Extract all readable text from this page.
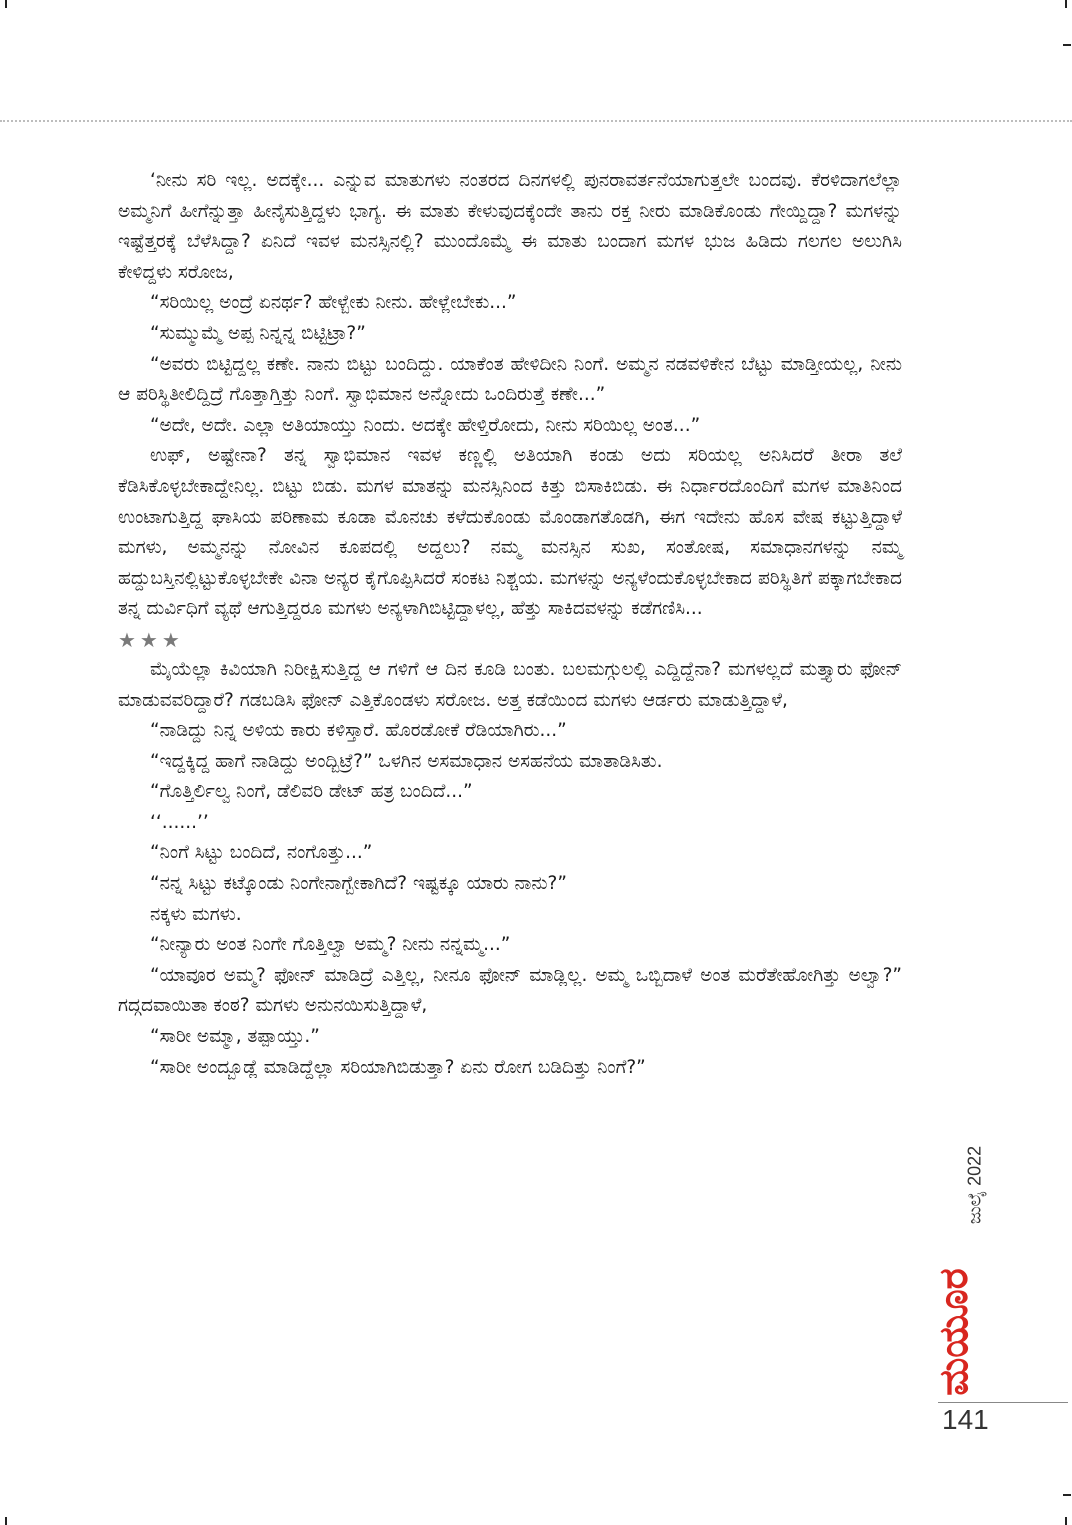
‘ನೀನು ಸರಿ ಇಲ್ಲ. ಅದಕ್ಕೇ... ಎನ್ನುವ ಮಾತುಗಳು ನಂತರದ ದಿನಗಳಲ್ಲಿ ಪುನರಾವರ್ತನೆಯಾಗುತ್ತಲೇ ಬಂದವು. ಕೆರಳಿದಾಗಲೆಲ್ಲಾ ಅಮ್ಮನಿಗೆ ಹೀಗೆನ್ನುತ್ತಾ ಹೀನೈಸುತ್ತಿದ್ದಳು ಭಾಗ್ಯ. ಈ ಮಾತು ಕೇಳುವುದಕ್ಕೆಂದೇ ತಾನು ರಕ್ತ ನೀರು ಮಾಡಿಕೊಂಡು ಗೇಯ್ದಿದ್ದಾ? ಮಗಳನ್ನು ಇಷ್ಟೆತ್ತರಕ್ಕೆ ಬೆಳೆಸಿದ್ದಾ? ಏನಿದೆ ಇವಳ ಮನಸ್ಸಿನಲ್ಲಿ? ಮುಂದೊಮ್ಮೆ ಈ ಮಾತು ಬಂದಾಗ ಮಗಳ ಭುಜ ಹಿಡಿದು ಗಲಗಲ ಅಲುಗಿಸಿ ಕೇಳಿದ್ದಳು ಸರೋಜ,

“ಸರಿಯಿಲ್ಲ ಅಂದ್ರೆ ಏನರ್ಥ? ಹೇಳ್ಬೇಕು ನೀನು. ಹೇಳ್ಲೇಬೇಕು...”

“ಸುಮ್ಮುಮ್ಮೆ ಅಪ್ಪ ನಿನ್ನನ್ನ ಬಿಟ್ಟಿಟ್ರಾ?”

“ಅವರು ಬಿಟ್ಟಿದ್ದಲ್ಲ ಕಣೇ. ನಾನು ಬಿಟ್ಟು ಬಂದಿದ್ದು. ಯಾಕೆಂತ ಹೇಳಿದೀನಿ ನಿಂಗೆ. ಅಮ್ಮನ ನಡವಳಿಕೇನ ಬೆಟ್ಟು ಮಾಡ್ತೀಯಲ್ಲ, ನೀನು ಆ ಪರಿಸ್ಥಿತೀಲಿದ್ದಿದ್ರೆ ಗೊತ್ತಾಗ್ತಿತ್ತು ನಿಂಗೆ. ಸ್ವಾಭಿಮಾನ ಅನ್ನೋದು ಒಂದಿರುತ್ತೆ ಕಣೇ...”

“ಅದೇ, ಅದೇ. ಎಲ್ಲಾ ಅತಿಯಾಯ್ತು ನಿಂದು. ಅದಕ್ಕೇ ಹೇಳ್ತಿರೋದು, ನೀನು ಸರಿಯಿಲ್ಲ ಅಂತ...”

ಉಫ್, ಅಷ್ಟೇನಾ? ತನ್ನ ಸ್ವಾಭಿಮಾನ ಇವಳ ಕಣ್ಣಲ್ಲಿ ಅತಿಯಾಗಿ ಕಂಡು ಅದು ಸರಿಯಲ್ಲ ಅನಿಸಿದರೆ ತೀರಾ ತಲೆ ಕೆಡಿಸಿಕೊಳ್ಳಬೇಕಾದ್ದೇನಿಲ್ಲ. ಬಿಟ್ಟು ಬಿಡು. ಮಗಳ ಮಾತನ್ನು ಮನಸ್ಸಿನಿಂದ ಕಿತ್ತು ಬಿಸಾಕಿಬಿಡು. ಈ ನಿರ್ಧಾರದೊಂದಿಗೆ ಮಗಳ ಮಾತಿನಿಂದ ಉಂಟಾಗುತ್ತಿದ್ದ ಘಾಸಿಯ ಪರಿಣಾಮ ಕೂಡಾ ಮೊನಚು ಕಳೆದುಕೊಂಡು ಮೊಂಡಾಗತೊಡಗಿ, ಈಗ ಇದೇನು ಹೊಸ ವೇಷ ಕಟ್ಟುತ್ತಿದ್ದಾಳೆ ಮಗಳು, ಅಮ್ಮನನ್ನು ನೋವಿನ ಕೂಪದಲ್ಲಿ ಅದ್ದಲು? ನಮ್ಮ ಮನಸ್ಸಿನ ಸುಖ, ಸಂತೋಷ, ಸಮಾಧಾನಗಳನ್ನು ನಮ್ಮ ಹದ್ದುಬಸ್ತಿನಲ್ಲಿಟ್ಟುಕೊಳ್ಳಬೇಕೇ ವಿನಾ ಅನ್ಯರ ಕೈಗೊಪ್ಪಿಸಿದರೆ ಸಂಕಟ ನಿಶ್ಚಯ. ಮಗಳನ್ನು ಅನ್ಯಳೆಂದುಕೊಳ್ಳಬೇಕಾದ ಪರಿಸ್ಥಿತಿಗೆ ಪಕ್ಕಾಗಬೇಕಾದ ತನ್ನ ದುರ್ವಿಧಿಗೆ ವ್ಯಥೆ ಆಗುತ್ತಿದ್ದರೂ ಮಗಳು ಅನ್ಯಳಾಗಿಬಿಟ್ಟಿದ್ದಾಳಲ್ಲ, ಹೆತ್ತು ಸಾಕಿದವಳನ್ನು ಕಡೆಗಣಿಸಿ...

★★★

ಮೈಯೆಲ್ಲಾ ಕಿವಿಯಾಗಿ ನಿರೀಕ್ಷಿಸುತ್ತಿದ್ದ ಆ ಗಳಿಗೆ ಆ ದಿನ ಕೂಡಿ ಬಂತು. ಬಲಮಗ್ಗುಲಲ್ಲಿ ಎದ್ದಿದ್ದೆನಾ? ಮಗಳಲ್ಲದೆ ಮತ್ತ್ಯಾರು ಫೋನ್ ಮಾಡುವವರಿದ್ದಾರೆ? ಗಡಬಡಿಸಿ ಫೋನ್ ಎತ್ತಿಕೊಂಡಳು ಸರೋಜ. ಅತ್ತ ಕಡೆಯಿಂದ ಮಗಳು ಆರ್ಡರು ಮಾಡುತ್ತಿದ್ದಾಳೆ,

“ನಾಡಿದ್ದು ನಿನ್ನ ಅಳಿಯ ಕಾರು ಕಳಿಸ್ತಾರೆ. ಹೊರಡೋಕೆ ರೆಡಿಯಾಗಿರು...”

“ಇದ್ದಕ್ಕಿದ್ದ ಹಾಗೆ ನಾಡಿದ್ದು ಅಂದ್ಬಿಟ್ರೆ?” ಒಳಗಿನ ಅಸಮಾಧಾನ ಅಸಹನೆಯ ಮಾತಾಡಿಸಿತು.

“ಗೊತ್ತಿರ್ಲಿಲ್ವ ನಿಂಗೆ, ಡೆಲಿವರಿ ಡೇಟ್ ಹತ್ರ ಬಂದಿದೆ...”

‘‘......’’

“ನಿಂಗೆ ಸಿಟ್ಟು ಬಂದಿದೆ, ನಂಗೊತ್ತು...”

“ನನ್ನ ಸಿಟ್ಟು ಕಟ್ಕೊಂಡು ನಿಂಗೇನಾಗ್ಬೇಕಾಗಿದೆ? ಇಷ್ಟಕ್ಕೂ ಯಾರು ನಾನು?”

ನಕ್ಕಳು ಮಗಳು.

“ನೀನ್ಯಾರು ಅಂತ ನಿಂಗೇ ಗೊತ್ತಿಲ್ವಾ ಅಮ್ಮ? ನೀನು ನನ್ನಮ್ಮ...”

“ಯಾವೂರ ಅಮ್ಮ? ಫೋನ್ ಮಾಡಿದ್ರೆ ಎತ್ತಿಲ್ಲ, ನೀನೂ ಫೋನ್ ಮಾಡ್ಲಿಲ್ಲ. ಅಮ್ಮ ಒಬ್ಬಿದಾಳೆ ಅಂತ ಮರೆತೇಹೋಗಿತ್ತು ಅಲ್ವಾ?” ಗದ್ಗದವಾಯಿತಾ ಕಂಠ? ಮಗಳು ಅನುನಯಿಸುತ್ತಿದ್ದಾಳೆ,

“ಸಾರೀ ಅಮ್ಮಾ, ತಪ್ಪಾಯ್ತು.”

“ಸಾರೀ ಅಂದ್ಬೂಡ್ಲೆ ಮಾಡಿದ್ದೆಲ್ಲಾ ಸರಿಯಾಗಿಬಿಡುತ್ತಾ? ಏನು ರೋಗ ಬಡಿದಿತ್ತು ನಿಂಗೆ?”

ಜುಲೈ 2022
ಮಯೂರ
141
